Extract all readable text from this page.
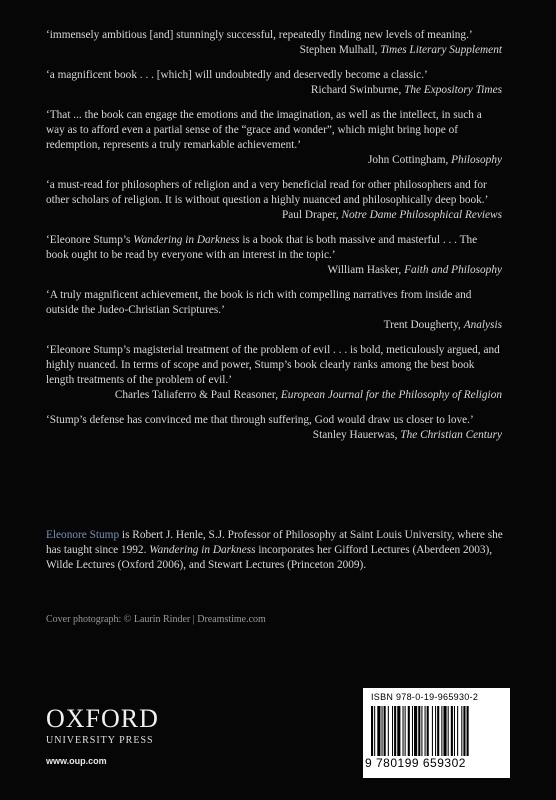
‘immensely ambitious [and] stunningly successful, repeatedly finding new levels of meaning.’

Stephen Mulhall, Times Literary Supplement

‘a magnificent book . . . [which] will undoubtedly and deservedly become a classic.’

Richard Swinburne, The Expository Times

‘That ... the book can engage the emotions and the imagination, as well as the intellect, in such a way as to afford even a partial sense of the “grace and wonder”, which might bring hope of redemption, represents a truly remarkable achievement.’

John Cottingham, Philosophy

‘a must-read for philosophers of religion and a very beneficial read for other philosophers and for other scholars of religion. It is without question a highly nuanced and philosophically deep book.’

Paul Draper, Notre Dame Philosophical Reviews

‘Eleonore Stump’s Wandering in Darkness is a book that is both massive and masterful . . . The book ought to be read by everyone with an interest in the topic.’

William Hasker, Faith and Philosophy

‘A truly magnificent achievement, the book is rich with compelling narratives from inside and outside the Judeo-Christian Scriptures.’

Trent Dougherty, Analysis

‘Eleonore Stump’s magisterial treatment of the problem of evil . . . is bold, meticulously argued, and highly nuanced. In terms of scope and power, Stump’s book clearly ranks among the best book length treatments of the problem of evil.’

Charles Taliaferro & Paul Reasoner, European Journal for the Philosophy of Religion

‘Stump’s defense has convinced me that through suffering, God would draw us closer to love.’

Stanley Hauerwas, The Christian Century

Eleonore Stump is Robert J. Henle, S.J. Professor of Philosophy at Saint Louis University, where she has taught since 1992. Wandering in Darkness incorporates her Gifford Lectures (Aberdeen 2003), Wilde Lectures (Oxford 2006), and Stewart Lectures (Princeton 2009).

Cover photograph: © Laurin Rinder | Dreamstime.com

OXFORD
UNIVERSITY PRESS
www.oup.com
ISBN 978-0-19-965930-2
9 780199 659302
